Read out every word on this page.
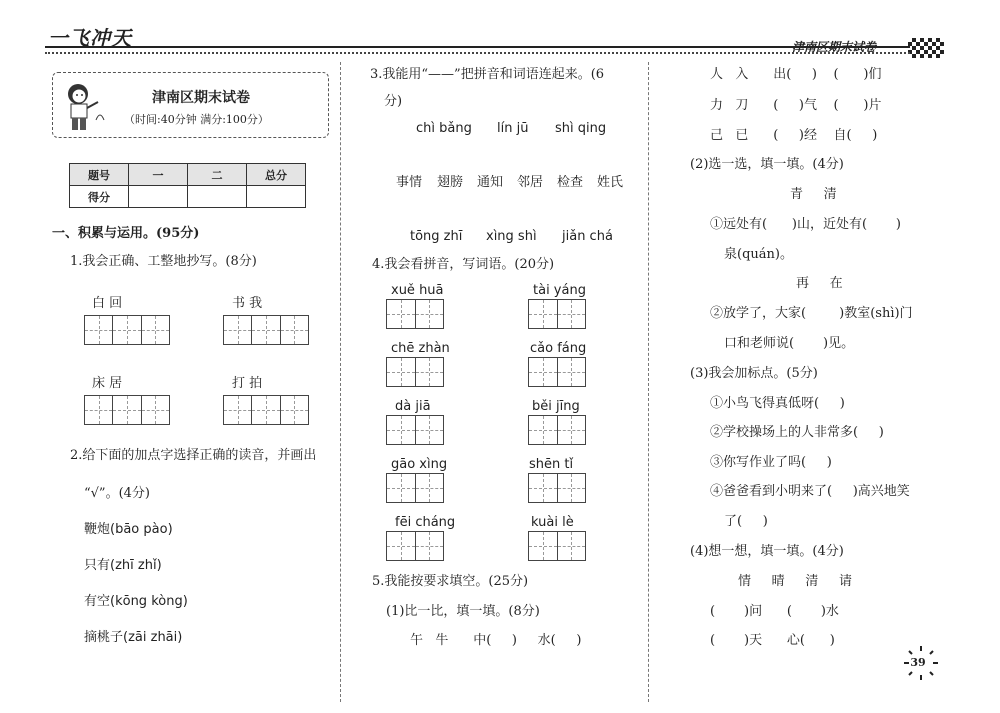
一飞冲天	津南区期末试卷
津南区期末试卷
（时间:40分钟 满分:100分）
题号	一	二	总分
得分			
一、积累与运用。(95分)
1.我会正确、工整地抄写。(8分)
白 回	书 我
床 居	打 拍
2.给下面的加点字选择正确的读音，并画出
“√”。(4分)
鞭炮(bāo pào)
只有(zhī zhǐ)
有空(kōng kòng)
摘桃子(zāi zhāi)
3.我能用“——”把拼音和词语连起来。(6
分)
chì bǎng lín jū shì qing
事情 翅膀 通知 邻居 检查 姓氏
tōng zhī xìng shì jiǎn chá
4.我会看拼音，写词语。(20分)
xuě huā	tài yáng
chē zhàn	cǎo fáng
dà jiā	běi jīng
gāo xìng	shēn tǐ
fēi cháng	kuài lè
5.我能按要求填空。(25分)
(1)比一比，填一填。(8分)
午   牛      中(     )     水(     )
人   入      出(     )    (      )们
力   刀      (     )气    (      )片
己   已      (     )经    自(     )
(2)选一选，填一填。(4分)
青     清
①远处有(      )山，近处有(       )
泉(quán)。
再     在
②放学了，大家(        )教室(shì)门
口和老师说(       )见。
(3)我会加标点。(5分)
①小鸟飞得真低呀(     )
②学校操场上的人非常多(     )
③你写作业了吗(     )
④爸爸看到小明来了(     )高兴地笑
了(     )
(4)想一想，填一填。(4分)
情     晴     清     请
(       )问      (       )水
(       )天      心(      )
39
